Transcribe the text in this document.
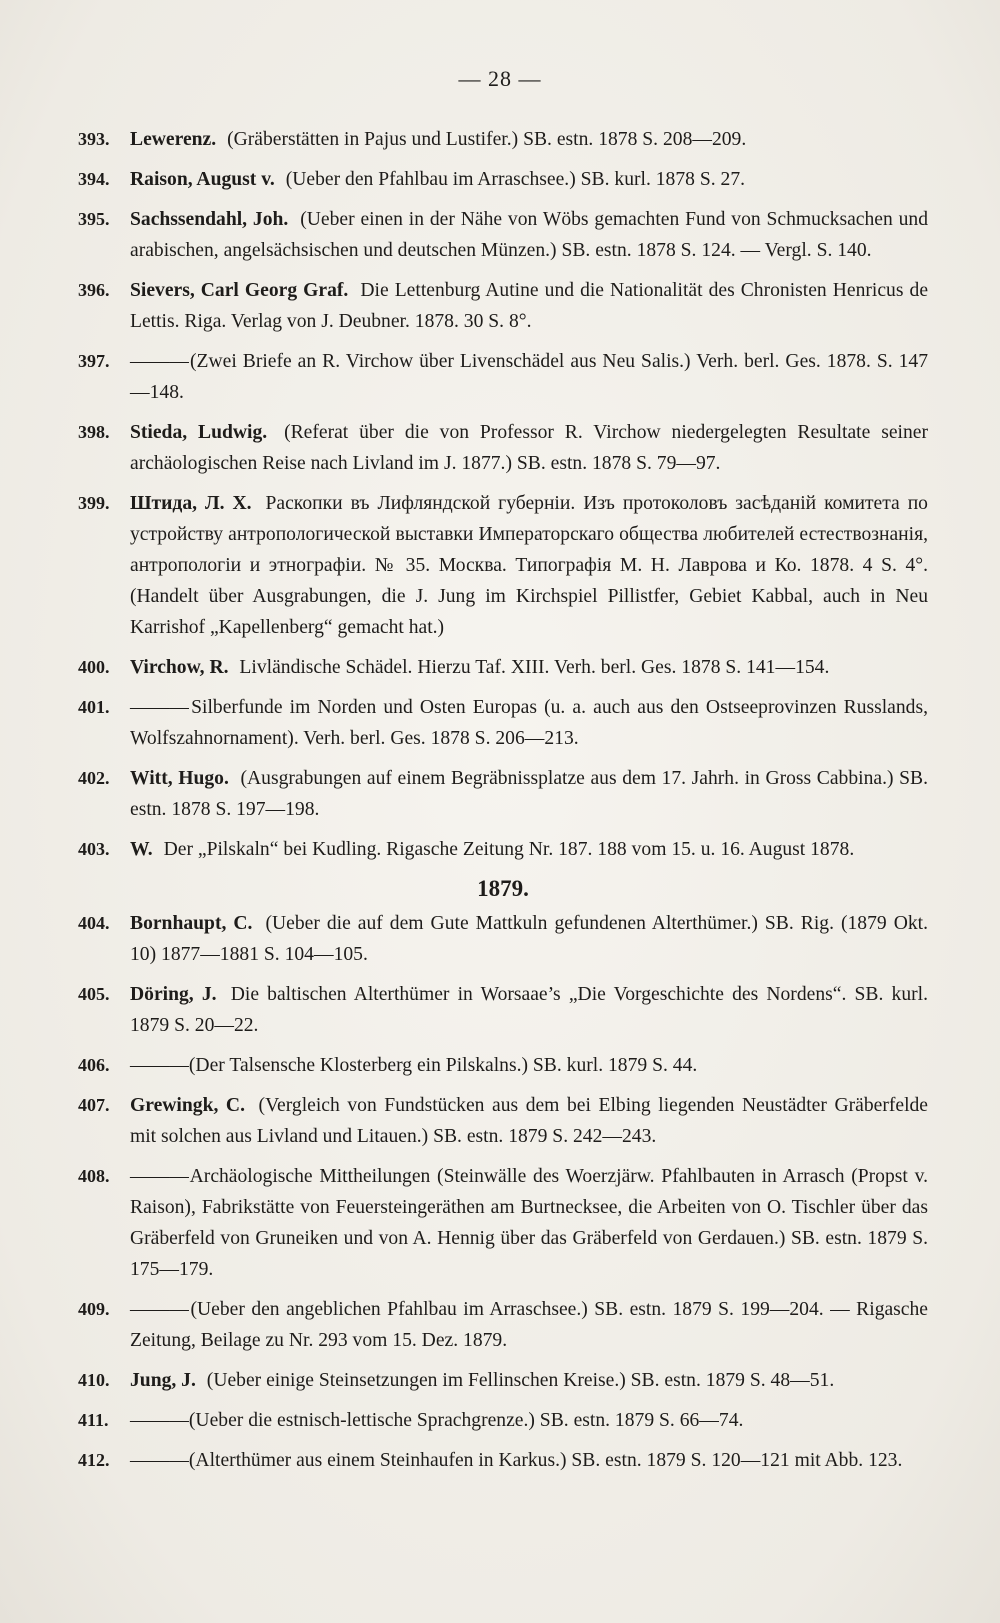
— 28 —
393. Lewerenz. (Gräberstätten in Pajus und Lustifer.) SB. estn. 1878 S. 208—209.
394. Raison, August v. (Ueber den Pfahlbau im Arraschsee.) SB. kurl. 1878 S. 27.
395. Sachssendahl, Joh. (Ueber einen in der Nähe von Wöbs gemachten Fund von Schmucksachen und arabischen, angelsächsischen und deutschen Münzen.) SB. estn. 1878 S. 124. — Vergl. S. 140.
396. Sievers, Carl Georg Graf. Die Lettenburg Autine und die Nationalität des Chronisten Henricus de Lettis. Riga. Verlag von J. Deubner. 1878. 30 S. 8°.
397. ——— (Zwei Briefe an R. Virchow über Livenschädel aus Neu Salis.) Verh. berl. Ges. 1878. S. 147—148.
398. Stieda, Ludwig. (Referat über die von Professor R. Virchow niedergelegten Resultate seiner archäologischen Reise nach Livland im J. 1877.) SB. estn. 1878 S. 79—97.
399. Штида, Л. Х. Раскопки въ Лифляндской губернiи. Изъ протоколовъ засѣданiй комитета по устройству антропологической выставки Императорскаго общества любителей естествознанiя, антропологiи и этнографiи. № 35. Москва. Типографiя М. Н. Лаврова и Ко. 1878. 4 S. 4°. (Handelt über Ausgrabungen, die J. Jung im Kirchspiel Pillistfer, Gebiet Kabbal, auch in Neu Karrishof „Kapellenberg“ gemacht hat.)
400. Virchow, R. Livländische Schädel. Hierzu Taf. XIII. Verh. berl. Ges. 1878 S. 141—154.
401. ——— Silberfunde im Norden und Osten Europas (u. a. auch aus den Ostseeprovinzen Russlands, Wolfszahnornament). Verh. berl. Ges. 1878 S. 206—213.
402. Witt, Hugo. (Ausgrabungen auf einem Begräbnissplatze aus dem 17. Jahrh. in Gross Cabbina.) SB. estn. 1878 S. 197—198.
403. W. Der „Pilskaln“ bei Kudling. Rigasche Zeitung Nr. 187. 188 vom 15. u. 16. August 1878.
1879.
404. Bornhaupt, C. (Ueber die auf dem Gute Mattkuln gefundenen Alterthümer.) SB. Rig. (1879 Okt. 10) 1877—1881 S. 104—105.
405. Döring, J. Die baltischen Alterthümer in Worsaae’s „Die Vorgeschichte des Nordens“. SB. kurl. 1879 S. 20—22.
406. ——— (Der Talsensche Klosterberg ein Pilskalns.) SB. kurl. 1879 S. 44.
407. Grewingk, C. (Vergleich von Fundstücken aus dem bei Elbing liegenden Neustädter Gräberfelde mit solchen aus Livland und Litauen.) SB. estn. 1879 S. 242—243.
408. ——— Archäologische Mittheilungen (Steinwälle des Woerzjärw. Pfahlbauten in Arrasch (Propst v. Raison), Fabrikstätte von Feuersteingeräthen am Burtnecksee, die Arbeiten von O. Tischler über das Gräberfeld von Gruneiken und von A. Hennig über das Gräberfeld von Gerdauen.) SB. estn. 1879 S. 175—179.
409. ——— (Ueber den angeblichen Pfahlbau im Arraschsee.) SB. estn. 1879 S. 199—204. — Rigasche Zeitung, Beilage zu Nr. 293 vom 15. Dez. 1879.
410. Jung, J. (Ueber einige Steinsetzungen im Fellinschen Kreise.) SB. estn. 1879 S. 48—51.
411. ——— (Ueber die estnisch-lettische Sprachgrenze.) SB. estn. 1879 S. 66—74.
412. ——— (Alterthümer aus einem Steinhaufen in Karkus.) SB. estn. 1879 S. 120—121 mit Abb. 123.
